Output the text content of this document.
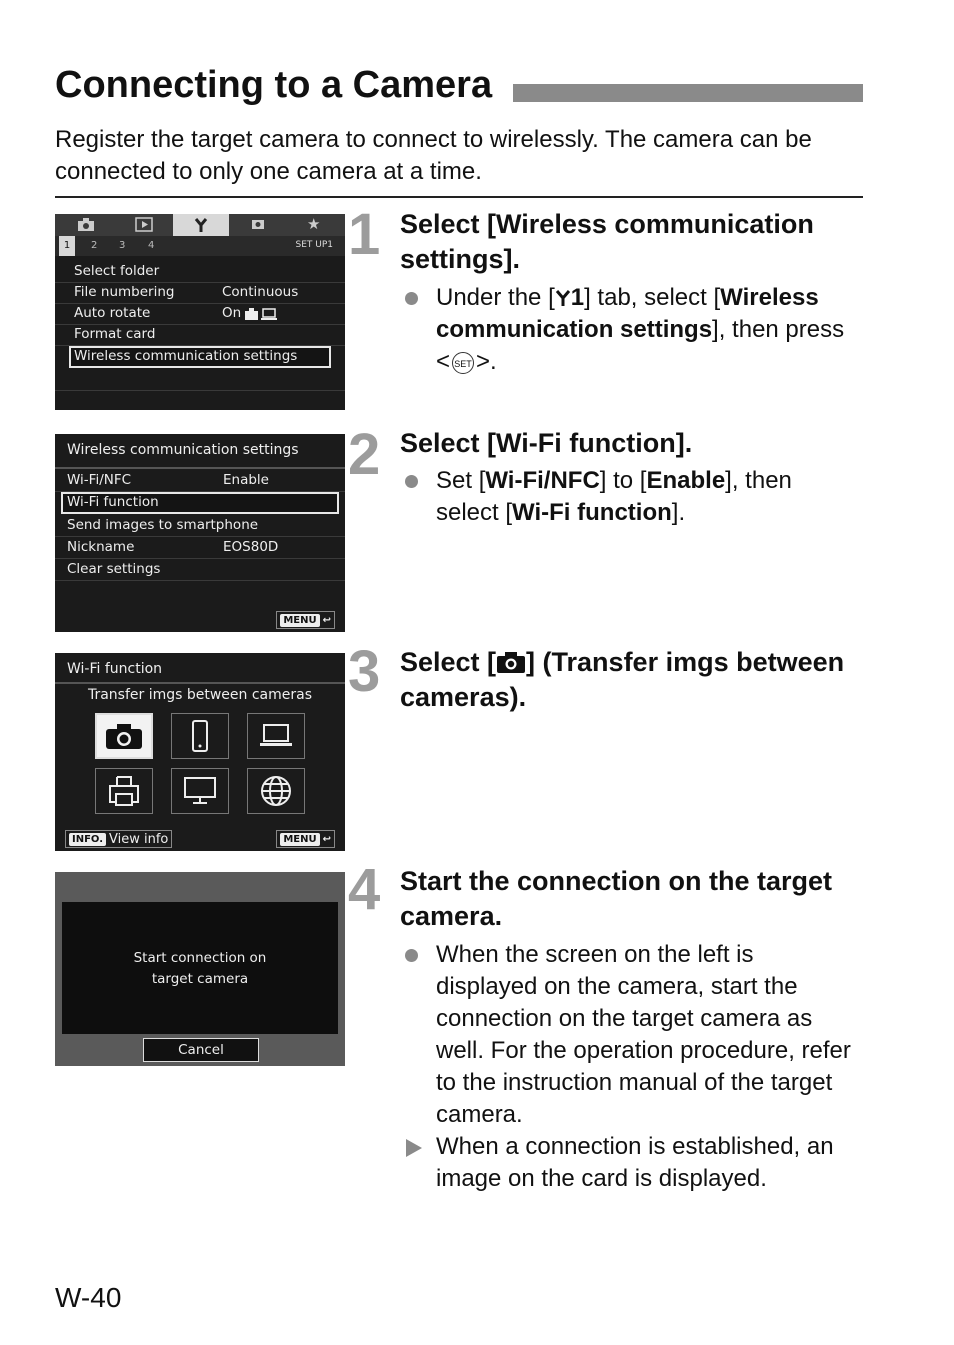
Connecting to a Camera
Register the target camera to connect to wirelessly. The camera can be connected to only one camera at a time.
★
1	2 3 4	SET UP1
Select folder
File numbering	Continuous
Auto rotate	On
Format card
Wireless communication settings
Wireless communication settings
Wi-Fi/NFC	Enable
Wi-Fi function
Send images to smartphone
Nickname	EOS80D
Clear settings
MENU ↩
Wi-Fi function
Transfer imgs between cameras
INFO. View info	MENU ↩
Start connection on
target camera
Cancel
1 Select [Wireless communication settings].
Under the [ 1] tab, select [Wireless communication settings], then press < SET >.
2 Select [Wi-Fi function].
Set [Wi-Fi/NFC] to [Enable], then select [Wi-Fi function].
3 Select [ ] (Transfer imgs between cameras).
4 Start the connection on the target camera.
When the screen on the left is displayed on the camera, start the connection on the target camera as well. For the operation procedure, refer to the instruction manual of the target camera.
When a connection is established, an image on the card is displayed.
W-40
